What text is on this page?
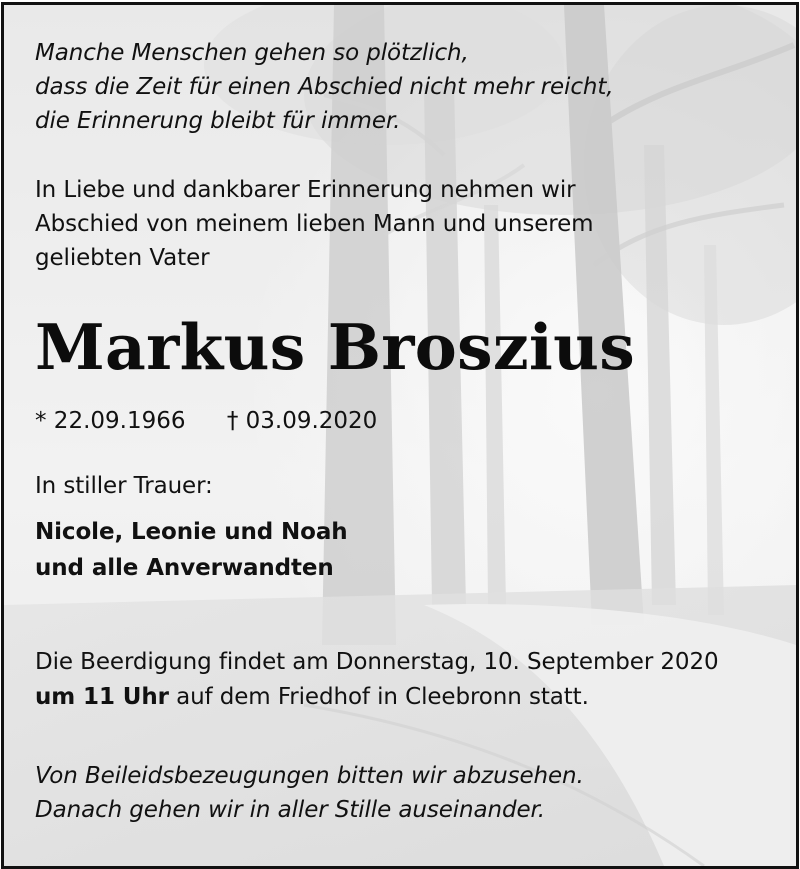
Manche Menschen gehen so plötzlich,
dass die Zeit für einen Abschied nicht mehr reicht,
die Erinnerung bleibt für immer.
In Liebe und dankbarer Erinnerung nehmen wir
Abschied von meinem lieben Mann und unserem
geliebten Vater
Markus Broszius
* 22.09.1966 † 03.09.2020
In stiller Trauer:
Nicole, Leonie und Noah
und alle Anverwandten
Die Beerdigung findet am Donnerstag, 10. September 2020
um 11 Uhr auf dem Friedhof in Cleebronn statt.
Von Beileidsbezeugungen bitten wir abzusehen.
Danach gehen wir in aller Stille auseinander.
